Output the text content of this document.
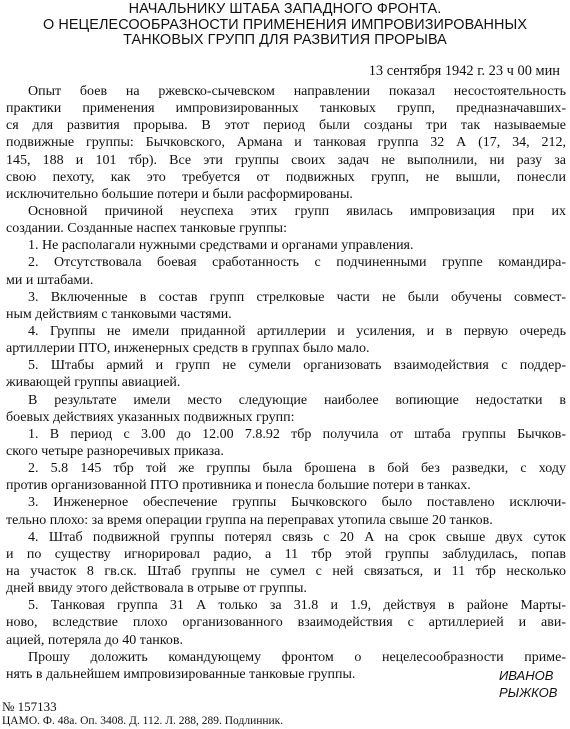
НАЧАЛЬНИКУ ШТАБА ЗАПАДНОГО ФРОНТА.
О НЕЦЕЛЕСООБРАЗНОСТИ ПРИМЕНЕНИЯ ИМПРОВИЗИРОВАННЫХ
ТАНКОВЫХ ГРУПП ДЛЯ РАЗВИТИЯ ПРОРЫВА
13 сентября 1942 г. 23 ч 00 мин
Опыт боев на ржевско-сычевском направлении показал несостоятельность
практики применения импровизированных танковых групп, предназначавших-
ся для развития прорыва. В этот период были созданы три так называемые
подвижные группы: Бычковского, Армана и танковая группа 32 А (17, 34, 212,
145, 188 и 101 тбр). Все эти группы своих задач не выполнили, ни разу за
свою пехоту, как это требуется от подвижных групп, не вышли, понесли
исключительно большие потери и были расформированы.
Основной причиной неуспеха этих групп явилась импровизация при их
создании. Созданные наспех танковые группы:
1. Не располагали нужными средствами и органами управления.
2. Отсутствовала боевая сработанность с подчиненными группе командира-
ми и штабами.
3. Включенные в состав групп стрелковые части не были обучены совмест-
ным действиям с танковыми частями.
4. Группы не имели приданной артиллерии и усиления, и в первую очередь
артиллерии ПТО, инженерных средств в группах было мало.
5. Штабы армий и групп не сумели организовать взаимодействия с поддер-
живающей группы авиацией.
В результате имели место следующие наиболее вопиющие недостатки в
боевых действиях указанных подвижных групп:
1. В период с 3.00 до 12.00 7.8.92 тбр получила от штаба группы Бычков-
ского четыре разноречивых приказа.
2. 5.8 145 тбр той же группы была брошена в бой без разведки, с ходу
против организованной ПТО противника и понесла большие потери в танках.
3. Инженерное обеспечение группы Бычковского было поставлено исключи-
тельно плохо: за время операции группа на переправах утопила свыше 20 танков.
4. Штаб подвижной группы потерял связь с 20 А на срок свыше двух суток
и по существу игнорировал радио, а 11 тбр этой группы заблудилась, попав
на участок 8 гв.ск. Штаб группы не сумел с ней связаться, и 11 тбр несколько
дней ввиду этого действовала в отрыве от группы.
5. Танковая группа 31 А только за 31.8 и 1.9, действуя в районе Марты-
ново, вследствие плохо организованного взаимодействия с артиллерией и ави-
ацией, потеряла до 40 танков.
Прошу доложить командующему фронтом о нецелесообразности приме-
нять в дальнейшем импровизированные танковые группы.	ИВАНОВ
РЫЖКОВ
№ 157133
ЦАМО. Ф. 48а. Оп. 3408. Д. 112. Л. 288, 289. Подлинник.
